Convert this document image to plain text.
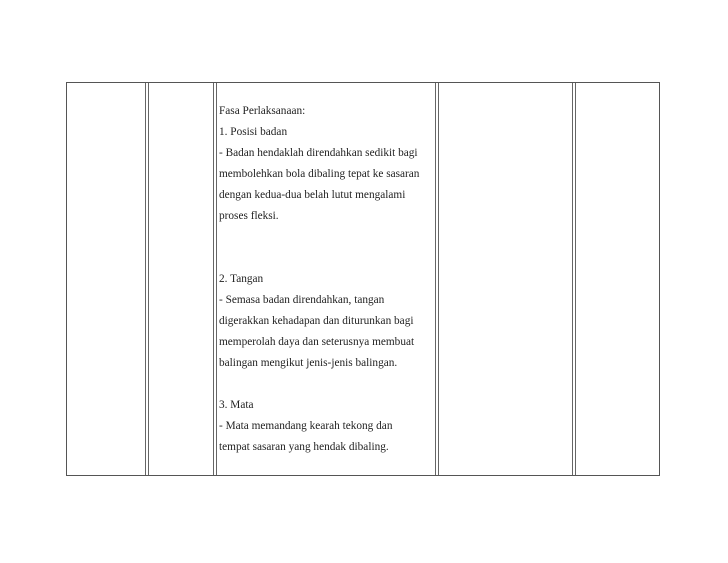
Fasa Perlaksanaan:

1. Posisi badan

- Badan hendaklah direndahkan sedikit bagi

membolehkan bola dibaling tepat ke sasaran

dengan kedua-dua belah lutut mengalami

proses fleksi.

2. Tangan

- Semasa badan direndahkan, tangan

digerakkan kehadapan dan diturunkan bagi

memperolah daya dan seterusnya membuat

balingan mengikut jenis-jenis balingan.

3. Mata

- Mata memandang kearah tekong dan

tempat sasaran yang hendak dibaling.
